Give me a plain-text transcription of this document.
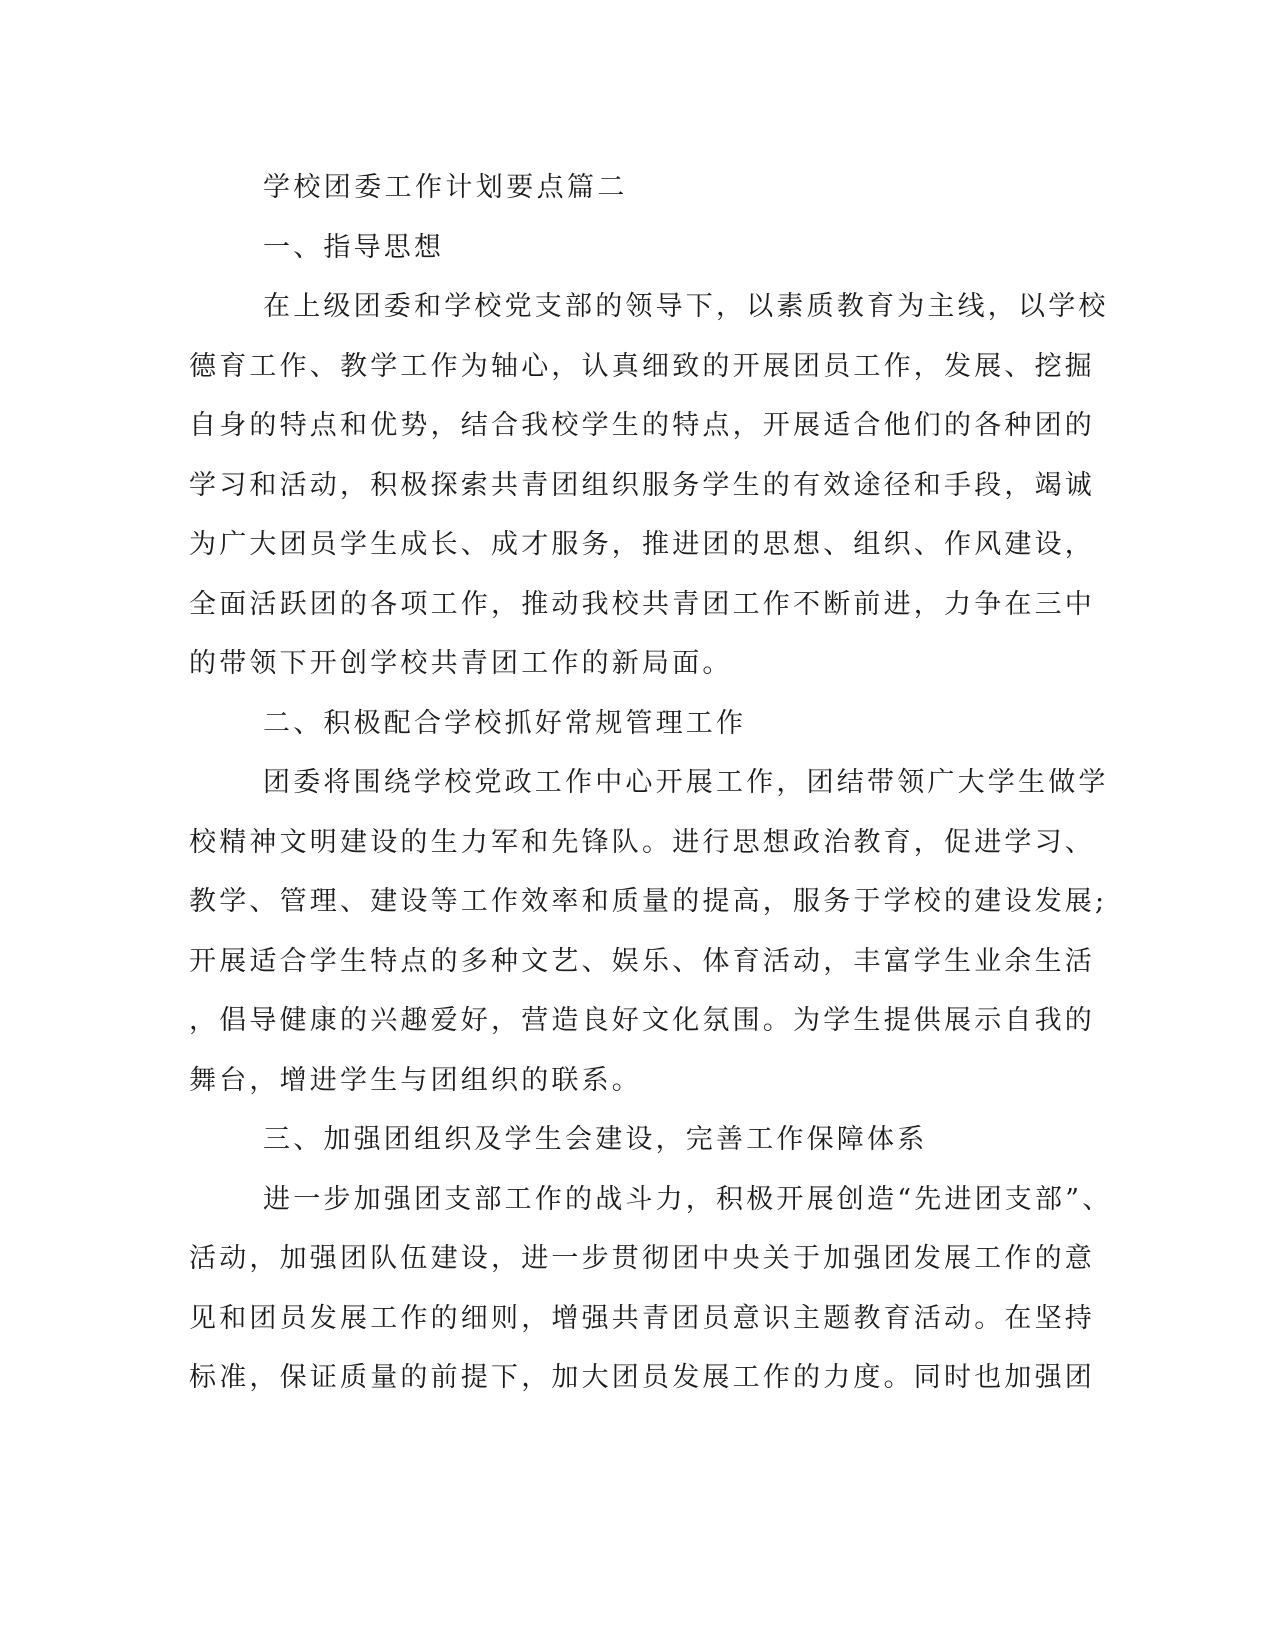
学校团委工作计划要点篇二
一、指导思想
在上级团委和学校党支部的领导下，以素质教育为主线，以学校
德育工作、教学工作为轴心，认真细致的开展团员工作，发展、挖掘
自身的特点和优势，结合我校学生的特点，开展适合他们的各种团的
学习和活动，积极探索共青团组织服务学生的有效途径和手段，竭诚
为广大团员学生成长、成才服务，推进团的思想、组织、作风建设，
全面活跃团的各项工作，推动我校共青团工作不断前进，力争在三中
的带领下开创学校共青团工作的新局面。
二、积极配合学校抓好常规管理工作
团委将围绕学校党政工作中心开展工作，团结带领广大学生做学
校精神文明建设的生力军和先锋队。进行思想政治教育，促进学习、
教学、管理、建设等工作效率和质量的提高，服务于学校的建设发展;
开展适合学生特点的多种文艺、娱乐、体育活动，丰富学生业余生活
，倡导健康的兴趣爱好，营造良好文化氛围。为学生提供展示自我的
舞台，增进学生与团组织的联系。
三、加强团组织及学生会建设，完善工作保障体系
进一步加强团支部工作的战斗力，积极开展创造“先进团支部”、
活动，加强团队伍建设，进一步贯彻团中央关于加强团发展工作的意
见和团员发展工作的细则，增强共青团员意识主题教育活动。在坚持
标准，保证质量的前提下，加大团员发展工作的力度。同时也加强团
